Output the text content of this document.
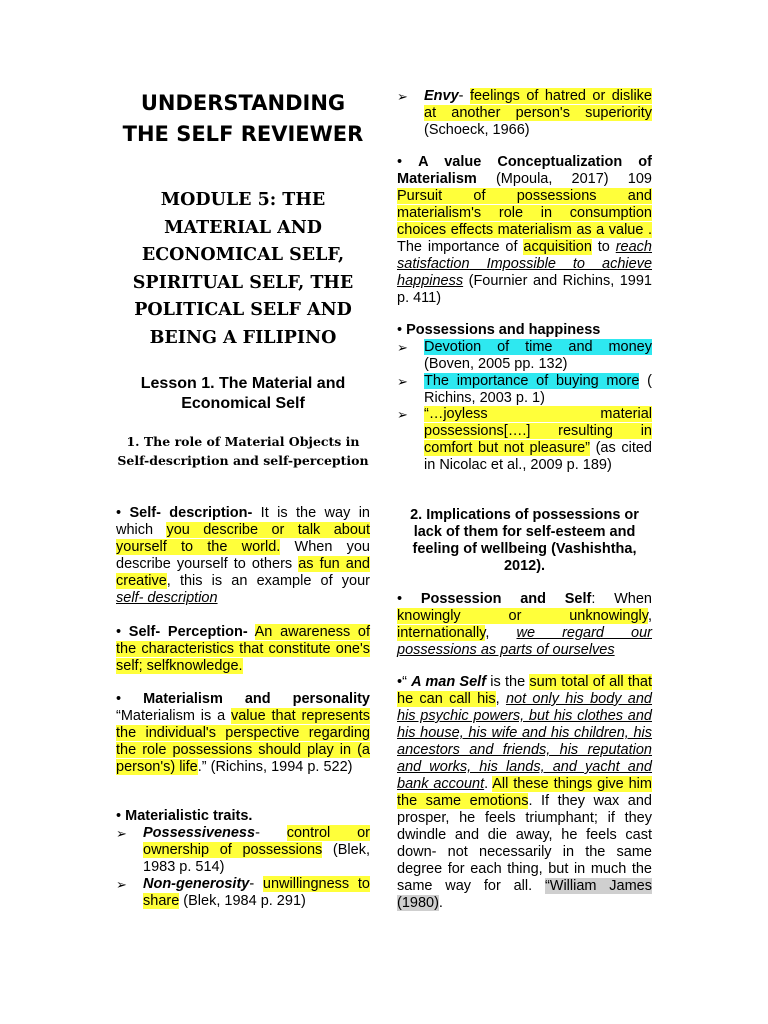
UNDERSTANDING THE SELF REVIEWER
MODULE 5: THE MATERIAL AND ECONOMICAL SELF, SPIRITUAL SELF, THE POLITICAL SELF AND BEING A FILIPINO
Lesson 1. The Material and Economical Self
1. The role of Material Objects in Self-description and self-perception
• Self- description- It is the way in which you describe or talk about yourself to the world. When you describe yourself to others as fun and creative, this is an example of your self- description
• Self- Perception- An awareness of the characteristics that constitute one's self; selfknowledge.
• Materialism and personality “Materialism is a value that represents the individual's perspective regarding the role possessions should play in (a person's) life.” (Richins, 1994 p. 522)
• Materialistic traits.
➢	Possessiveness- control or ownership of possessions (Blek, 1983 p. 514)
➢	Non-generosity- unwillingness to share (Blek, 1984 p. 291)
➢	Envy- feelings of hatred or dislike at another person's superiority (Schoeck, 1966)
• A value Conceptualization of Materialism (Mpoula, 2017) 109 Pursuit of possessions and materialism's role in consumption choices effects materialism as a value . The importance of acquisition to reach satisfaction Impossible to achieve happiness (Fournier and Richins, 1991 p. 411)
• Possessions and happiness
➢	Devotion of time and money (Boven, 2005 pp. 132)
➢	The importance of buying more ( Richins, 2003 p. 1)
➢	“…joyless material possessions[….] resulting in comfort but not pleasure” (as cited in Nicolac et al., 2009 p. 189)
2. Implications of possessions or lack of them for self-esteem and feeling of wellbeing (Vashishtha, 2012).
• Possession and Self: When knowingly or unknowingly, internationally, we regard our possessions as parts of ourselves
•“ A man Self is the sum total of all that he can call his, not only his body and his psychic powers, but his clothes and his house, his wife and his children, his ancestors and friends, his reputation and works, his lands, and yacht and bank account. All these things give him the same emotions. If they wax and prosper, he feels triumphant; if they dwindle and die away, he feels cast down- not necessarily in the same degree for each thing, but in much the same way for all. “William James (1980).
